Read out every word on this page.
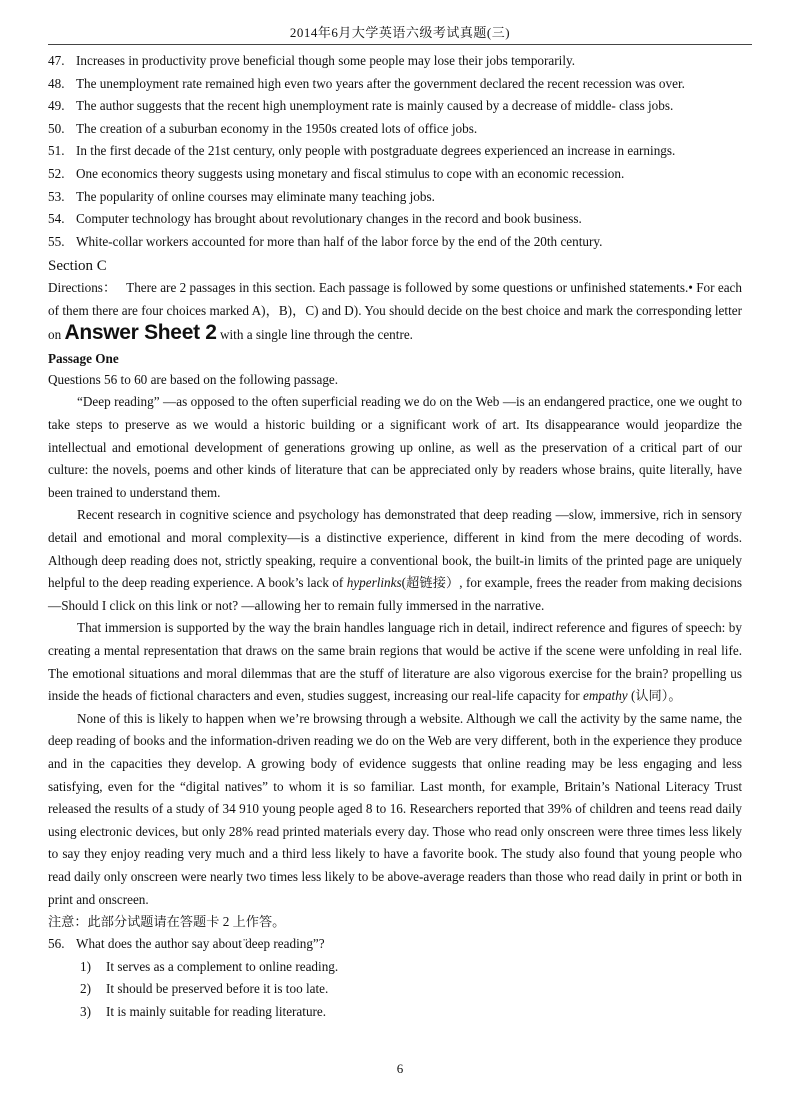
2014年6月大学英语六级考试真题(三)
47. Increases in productivity prove beneficial though some people may lose their jobs temporarily.
48. The unemployment rate remained high even two years after the government declared the recent recession was over.
49. The author suggests that the recent high unemployment rate is mainly caused by a decrease of middle- class jobs.
50. The creation of a suburban economy in the 1950s created lots of office jobs.
51. In the first decade of the 21st century, only people with postgraduate degrees experienced an increase in earnings.
52. One economics theory suggests using monetary and fiscal stimulus to cope with an economic recession.
53. The popularity of online courses may eliminate many teaching jobs.
54. Computer technology has brought about revolutionary changes in the record and book business.
55. White-collar workers accounted for more than half of the labor force by the end of the 20th century.
Section C
Directions： There are 2 passages in this section. Each passage is followed by some questions or unfinished statements.• For each of them there are four choices marked A)，B)，C) and D). You should decide on the best choice and mark the corresponding letter on Answer Sheet 2 with a single line through the centre.
Passage One
Questions 56 to 60 are based on the following passage.

“Deep reading” —as opposed to the often superficial reading we do on the Web —is an endangered practice, one we ought to take steps to preserve as we would a historic building or a significant work of art. Its disappearance would jeopardize the intellectual and emotional development of generations growing up online, as well as the preservation of a critical part of our culture: the novels, poems and other kinds of literature that can be appreciated only by readers whose brains, quite literally, have been trained to understand them.

Recent research in cognitive science and psychology has demonstrated that deep reading —slow, immersive, rich in sensory detail and emotional and moral complexity—is a distinctive experience, different in kind from the mere decoding of words. Although deep reading does not, strictly speaking, require a conventional book, the built-in limits of the printed page are uniquely helpful to the deep reading experience. A book’s lack of hyperlinks(超链接）, for example, frees the reader from making decisions—Should I click on this link or not? —allowing her to remain fully immersed in the narrative.

That immersion is supported by the way the brain handles language rich in detail, indirect reference and figures of speech: by creating a mental representation that draws on the same brain regions that would be active if the scene were unfolding in real life. The emotional situations and moral dilemmas that are the stuff of literature are also vigorous exercise for the brain? propelling us inside the heads of fictional characters and even, studies suggest, increasing our real-life capacity for empathy (认同）。

None of this is likely to happen when we’re browsing through a website. Although we call the activity by the same name, the deep reading of books and the information-driven reading we do on the Web are very different, both in the experience they produce and in the capacities they develop. A growing body of evidence suggests that online reading may be less engaging and less satisfying, even for the “digital natives” to whom it is so familiar. Last month, for example, Britain’s National Literacy Trust released the results of a study of 34 910 young people aged 8 to 16. Researchers reported that 39% of children and teens read daily using electronic devices, but only 28% read printed materials every day. Those who read only onscreen were three times less likely to say they enjoy reading very much and a third less likely to have a favorite book. The study also found that young people who read daily only onscreen were nearly two times less likely to be above-average readers than those who read daily in print or both in print and onscreen.

注意：此部分试题请在答题卡 2 上作答。
56. What does the author say about ̈deep reading”?
1) It serves as a complement to online reading.
2) It should be preserved before it is too late.
3) It is mainly suitable for reading literature.
6
